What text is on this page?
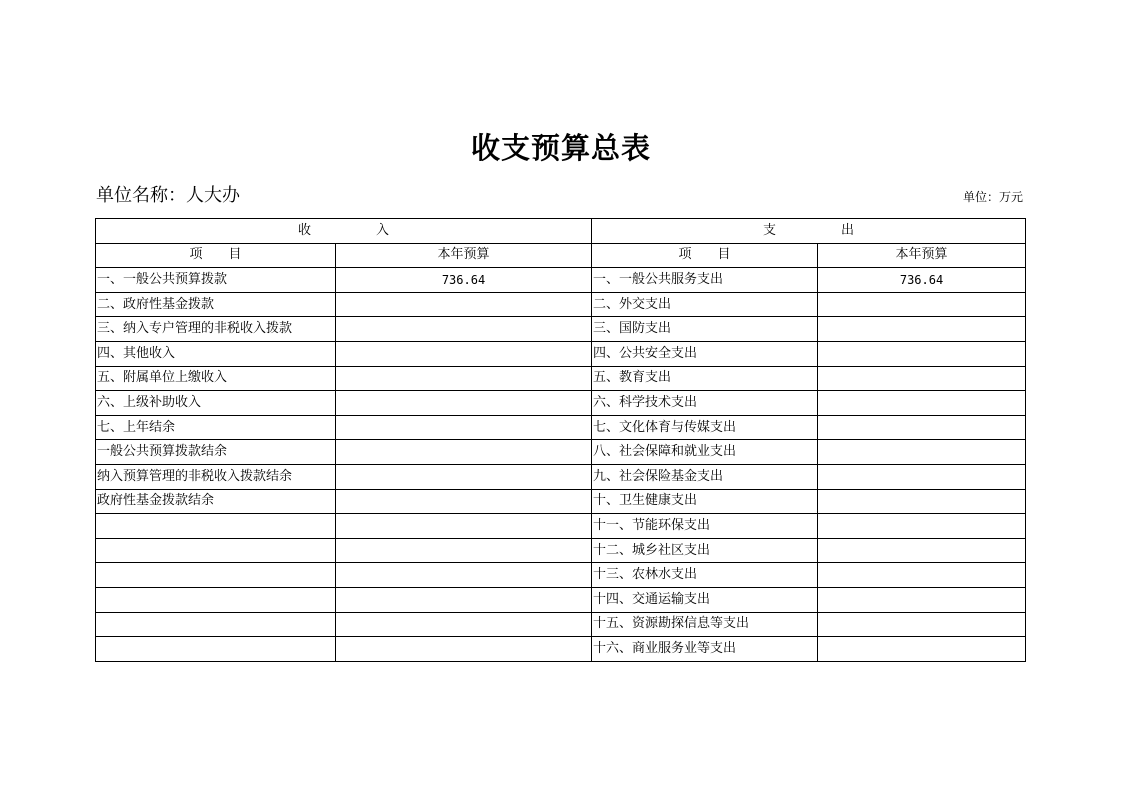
收支预算总表
单位名称：人大办	单位：万元
收　　　　　入		支　　　　　出	
项　　目	本年预算	项　　目	本年预算
一、一般公共预算拨款	736.64	一、一般公共服务支出	736.64
二、政府性基金拨款		二、外交支出	
三、纳入专户管理的非税收入拨款		三、国防支出	
四、其他收入		四、公共安全支出	
五、附属单位上缴收入		五、教育支出	
六、上级补助收入		六、科学技术支出	
七、上年结余		七、文化体育与传媒支出	
一般公共预算拨款结余		八、社会保障和就业支出	
纳入预算管理的非税收入拨款结余		九、社会保险基金支出	
政府性基金拨款结余		十、卫生健康支出	
		十一、节能环保支出	
		十二、城乡社区支出	
		十三、农林水支出	
		十四、交通运输支出	
		十五、资源勘探信息等支出	
		十六、商业服务业等支出	
